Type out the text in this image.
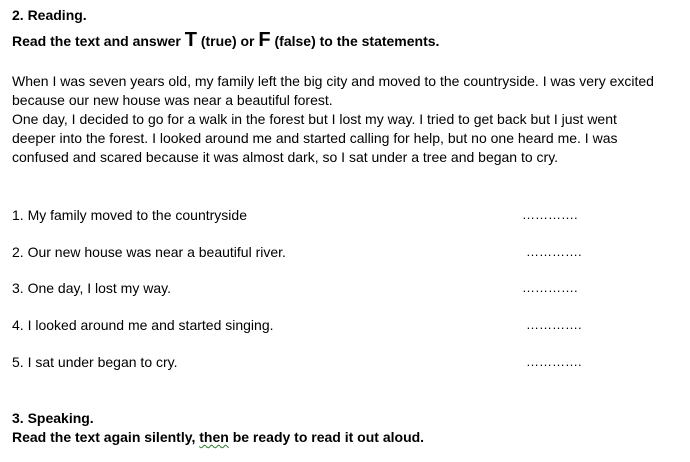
2. Reading.
Read the text and answer T (true) or F (false) to the statements.
When I was seven years old, my family left the big city and moved to the countryside. I was very excited
because our new house was near a beautiful forest.
One day, I decided to go for a walk in the forest but I lost my way. I tried to get back but I just went
deeper into the forest. I looked around me and started calling for help, but no one heard me. I was
confused and scared because it was almost dark, so I sat under a tree and began to cry.
1. My family moved to the countryside	………….
2. Our new house was near a beautiful river.	………….
3. One day, I lost my way.	………….
4. I looked around me and started singing.	………….
5. I sat under began to cry.	………….
3. Speaking.
Read the text again silently, then be ready to read it out aloud.
